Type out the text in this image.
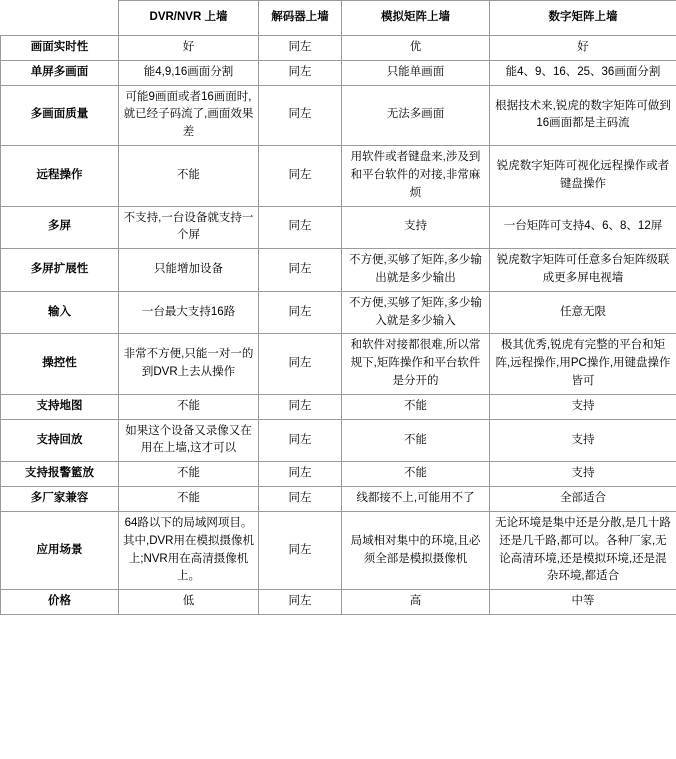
	DVR/NVR 上墙	解码器上墙	模拟矩阵上墙	数字矩阵上墙
画面实时性	好	同左	优	好
单屏多画面	能4,9,16画面分割	同左	只能单画面	能4、9、16、25、36画面分割
多画面质量	可能9画面或者16画面时,就已经子码流了,画面效果差	同左	无法多画面	根据技术来,锐虎的数字矩阵可做到16画面都是主码流
远程操作	不能	同左	用软件或者键盘来,涉及到和平台软件的对接,非常麻烦	锐虎数字矩阵可视化远程操作或者键盘操作
多屏	不支持,一台设备就支持一个屏	同左	支持	一台矩阵可支持4、6、8、12屏
多屏扩展性	只能增加设备	同左	不方便,买够了矩阵,多少输出就是多少输出	锐虎数字矩阵可任意多台矩阵级联成更多屏电视墙
输入	一台最大支持16路	同左	不方便,买够了矩阵,多少输入就是多少输入	任意无限
操控性	非常不方便,只能一对一的到DVR上去从操作	同左	和软件对接都很难,所以常规下,矩阵操作和平台软件是分开的	极其优秀,锐虎有完整的平台和矩阵,远程操作,用PC操作,用键盘操作皆可
支持地图	不能	同左	不能	支持
支持回放	如果这个设备又录像又在用在上墙,这才可以	同左	不能	支持
支持报警籃放	不能	同左	不能	支持
多厂家兼容	不能	同左	线都接不上,可能用不了	全部适合
应用场景	64路以下的局域网项目。其中,DVR用在模拟摄像机上;NVR用在高清摄像机上。	同左	局域相对集中的环境,且必须全部是模拟摄像机	无论环境是集中还是分散,是几十路还是几千路,都可以。各种厂家,无论高清环境,还是模拟环境,还是混杂环境,都适合
价格	低	同左	高	中等
